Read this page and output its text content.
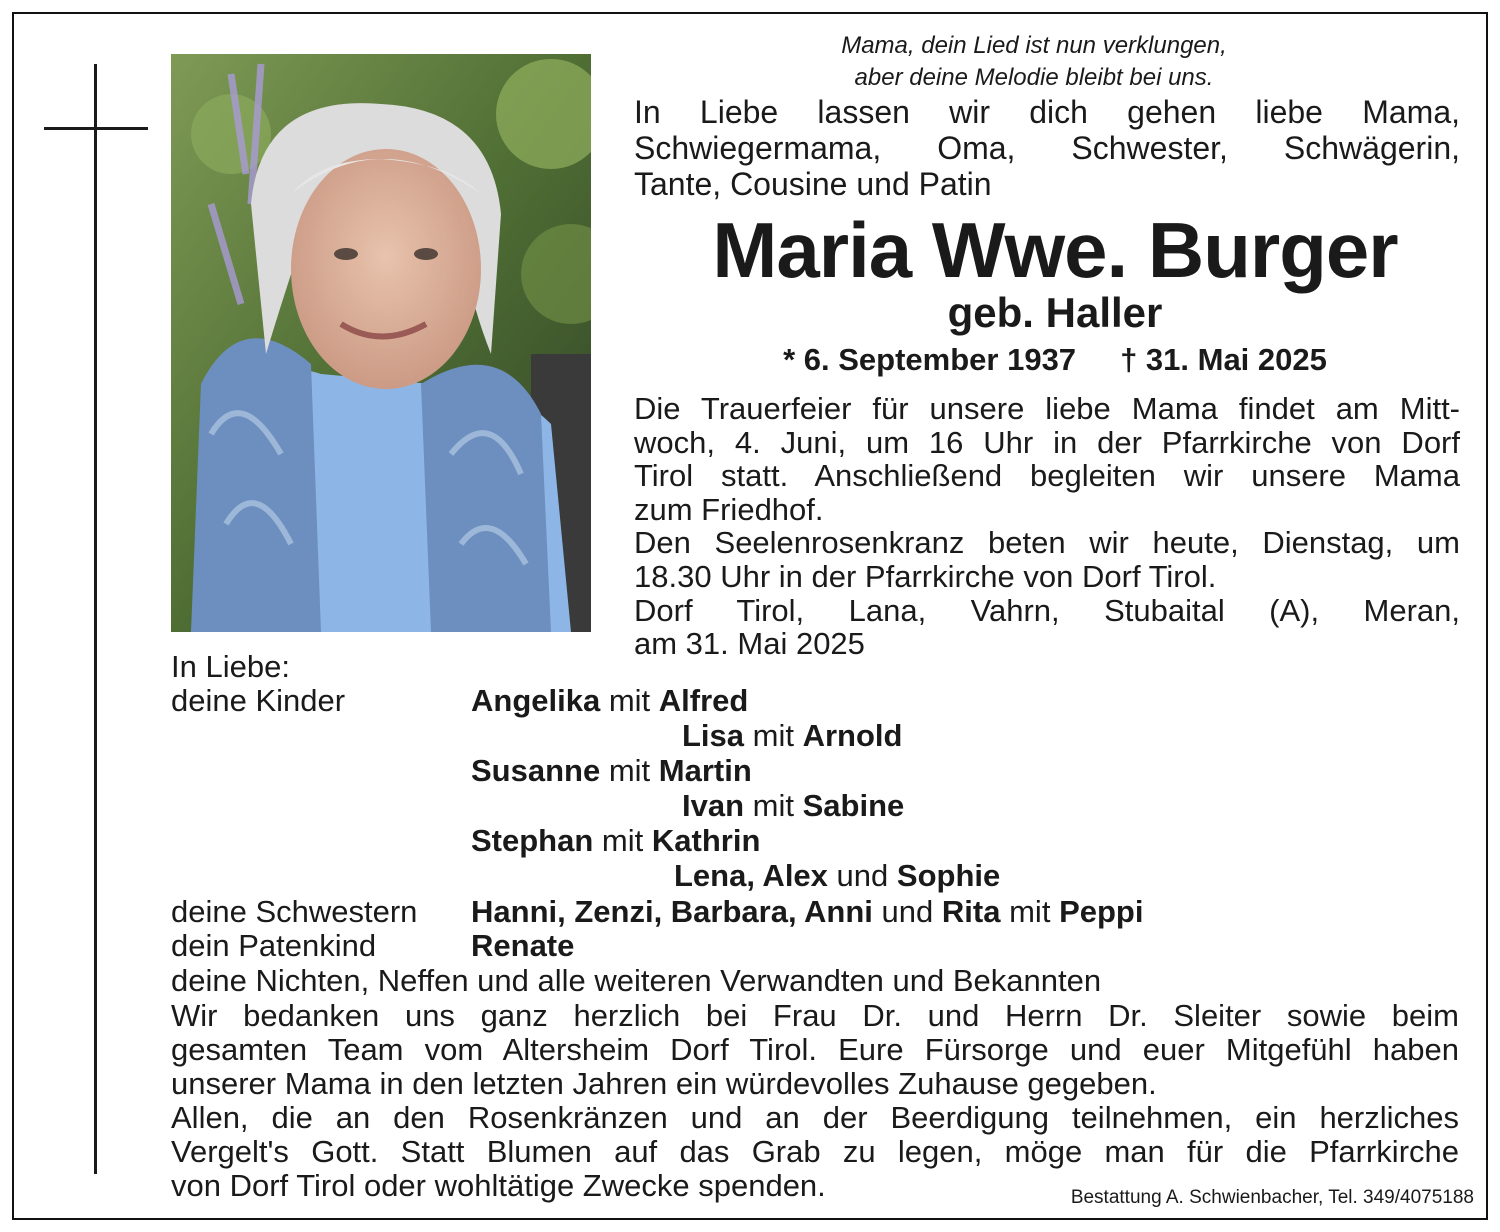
Mama, dein Lied ist nun verklungen,
aber deine Melodie bleibt bei uns.
In Liebe lassen wir dich gehen liebe Mama,
Schwiegermama, Oma, Schwester, Schwägerin,
Tante, Cousine und Patin
Maria Wwe. Burger
geb. Haller
* 6. September 1937 † 31. Mai 2025
Die Trauerfeier für unsere liebe Mama findet am Mitt-
woch, 4. Juni, um 16 Uhr in der Pfarrkirche von Dorf
Tirol statt. Anschließend begleiten wir unsere Mama
zum Friedhof.
Den Seelenrosenkranz beten wir heute, Dienstag, um
18.30 Uhr in der Pfarrkirche von Dorf Tirol.
Dorf Tirol, Lana, Vahrn, Stubaital (A), Meran,
am 31. Mai 2025
In Liebe:
deine Kinder	Angelika mit Alfred
Lisa mit Arnold
Susanne mit Martin
Ivan mit Sabine
Stephan mit Kathrin
Lena, Alex und Sophie
deine Schwestern Hanni, Zenzi, Barbara, Anni und Rita mit Peppi
dein Patenkind	Renate
deine Nichten, Neffen und alle weiteren Verwandten und Bekannten
Wir bedanken uns ganz herzlich bei Frau Dr. und Herrn Dr. Sleiter sowie beim
gesamten Team vom Altersheim Dorf Tirol. Eure Fürsorge und euer Mitgefühl haben
unserer Mama in den letzten Jahren ein würdevolles Zuhause gegeben.
Allen, die an den Rosenkränzen und an der Beerdigung teilnehmen, ein herzliches
Vergelt's Gott. Statt Blumen auf das Grab zu legen, möge man für die Pfarrkirche
von Dorf Tirol oder wohltätige Zwecke spenden.	Bestattung A. Schwienbacher, Tel. 349/4075188
